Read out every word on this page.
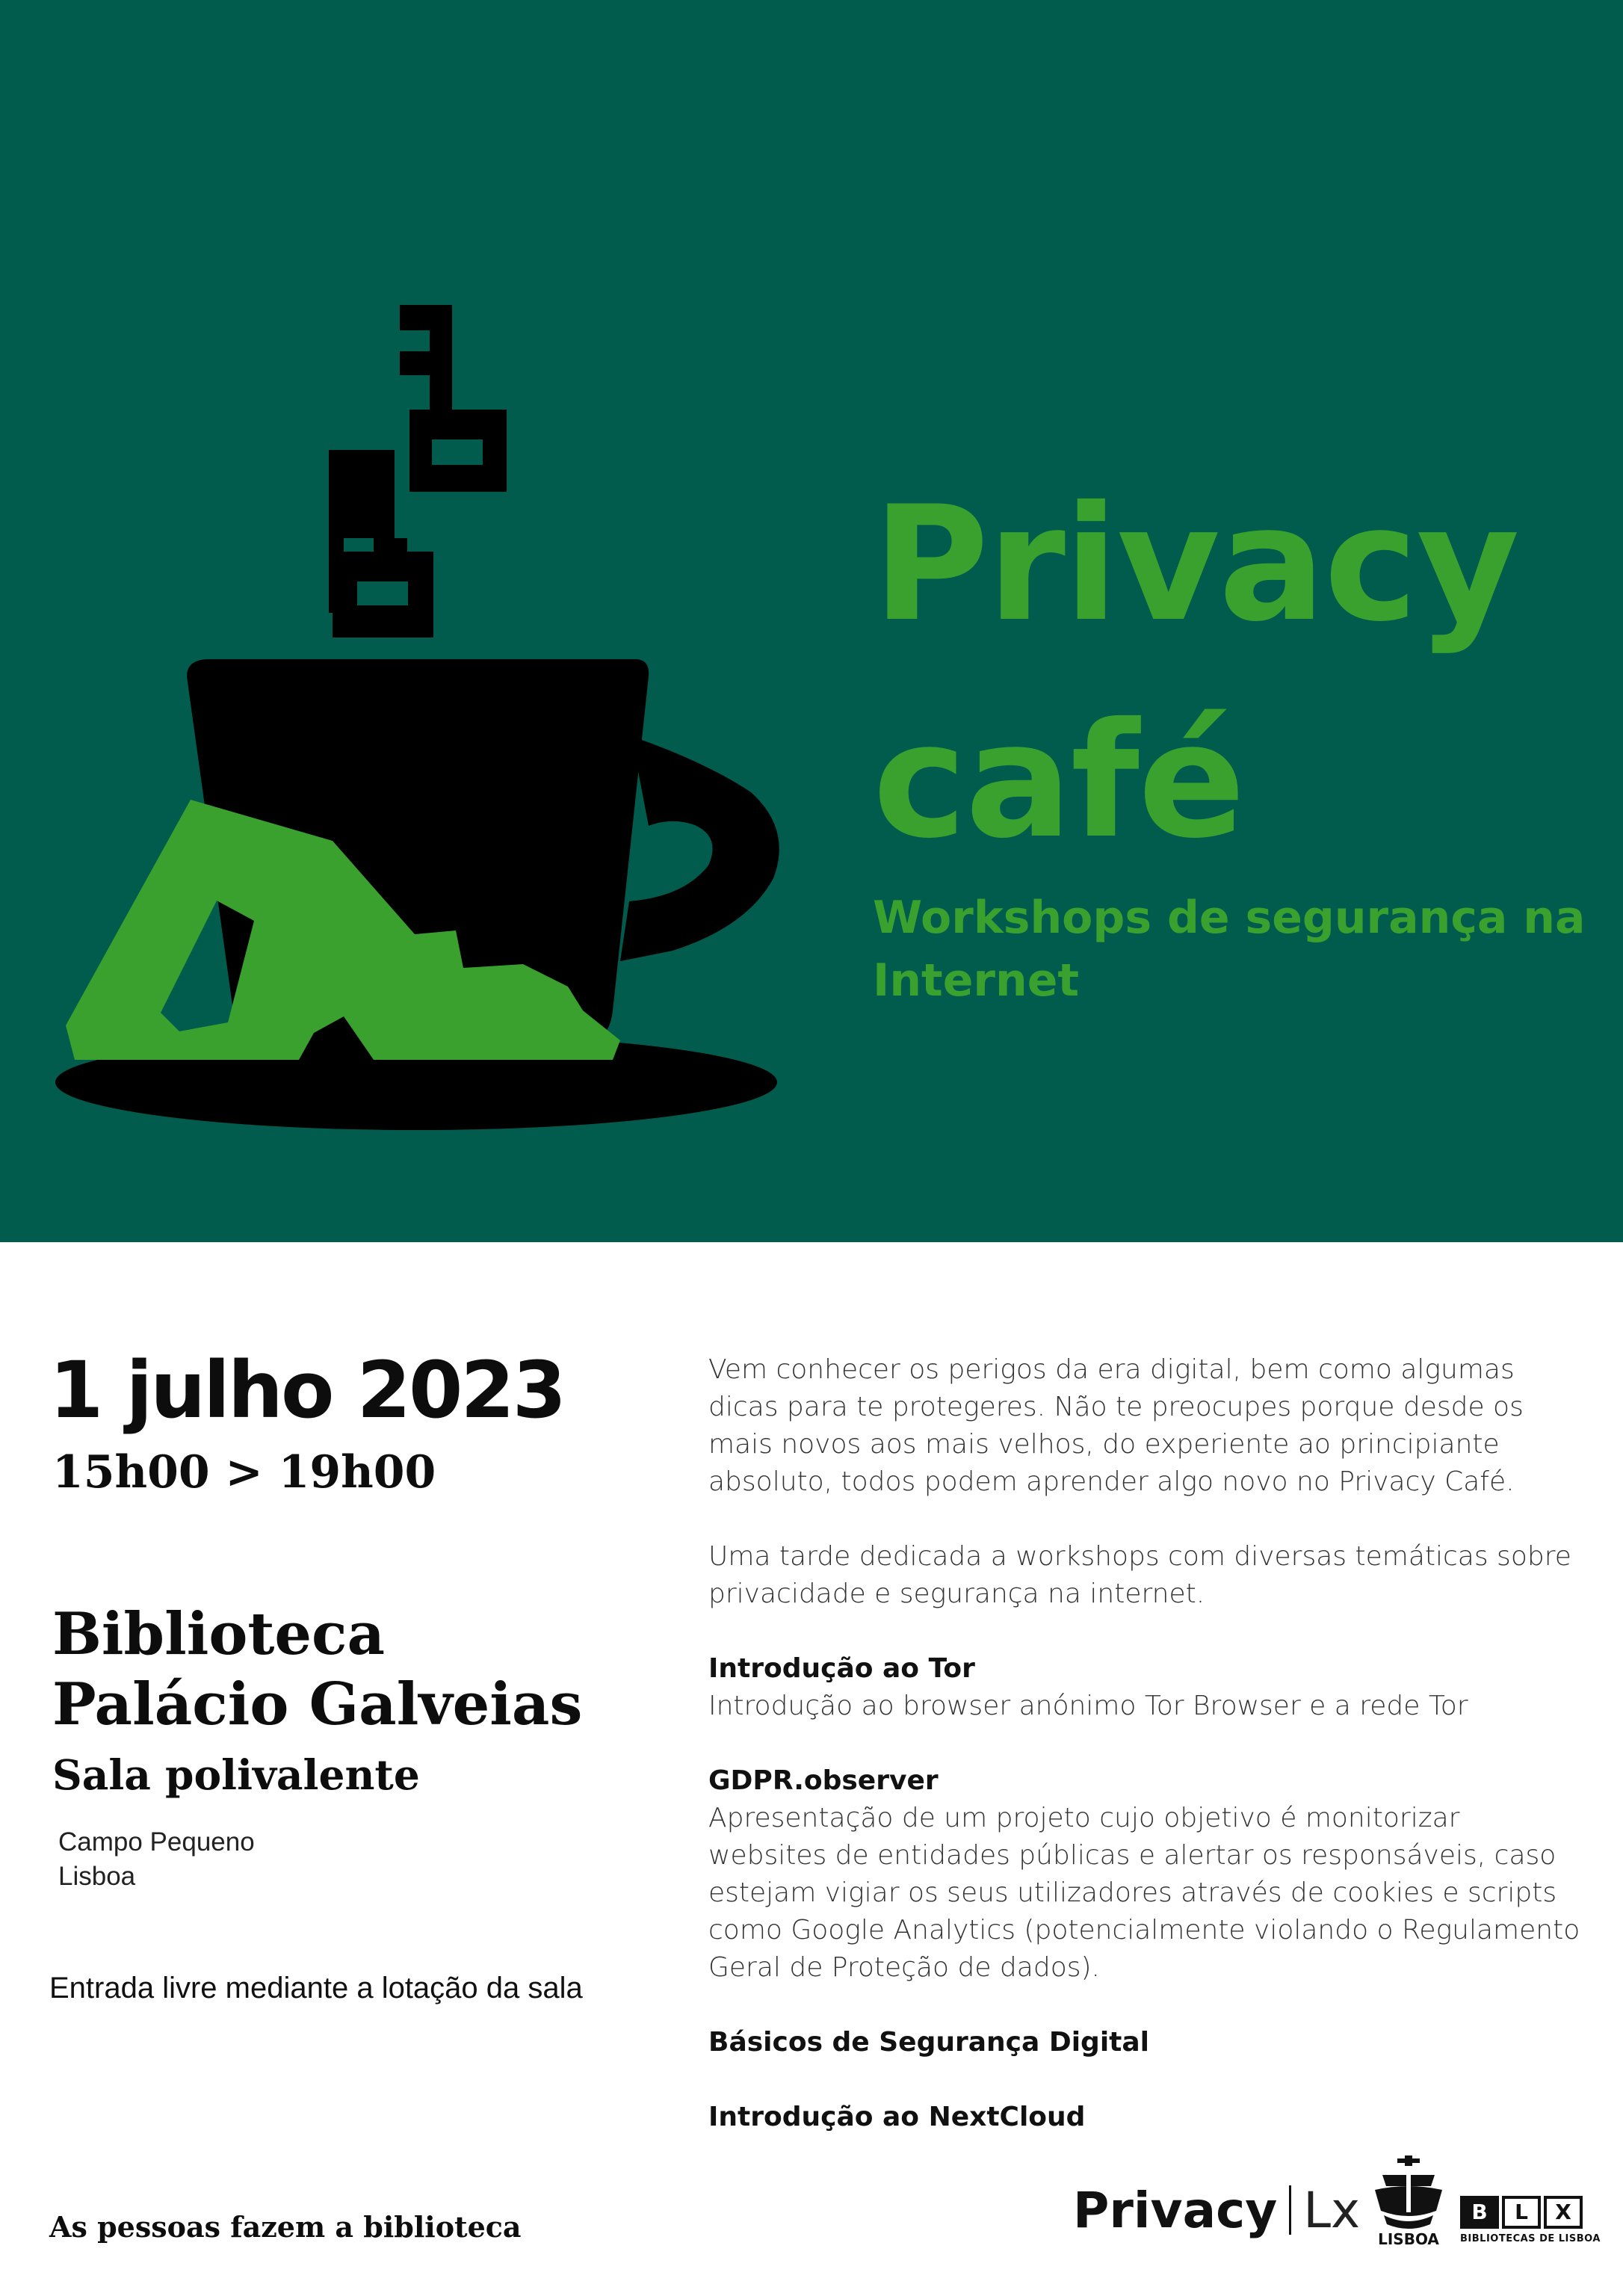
Privacy
café
Workshops de segurança na Internet
1 julho 2023
15h00 > 19h00
Biblioteca
Palácio Galveias
Sala polivalente
Campo Pequeno
Lisboa
Entrada livre mediante a lotação da sala

Vem conhecer os perigos da era digital, bem como algumas dicas para te protegeres. Não te preocupes porque desde os mais novos aos mais velhos, do experiente ao principiante absoluto, todos podem aprender algo novo no Privacy Café.

Uma tarde dedicada a workshops com diversas temáticas sobre privacidade e segurança na internet.

Introdução ao Tor

Introdução ao browser anónimo Tor Browser e a rede Tor

GDPR.observer

Apresentação de um projeto cujo objetivo é monitorizar websites de entidades públicas e alertar os responsáveis, caso estejam vigiar os seus utilizadores através de cookies e scripts como Google Analytics (potencialmente violando o Regulamento Geral de Proteção de dados).

Básicos de Segurança Digital
Introdução ao NextCloud
As pessoas fazem a biblioteca	Privacy Lx	LISBOA
B L X
BIBLIOTECAS DE LISBOA
